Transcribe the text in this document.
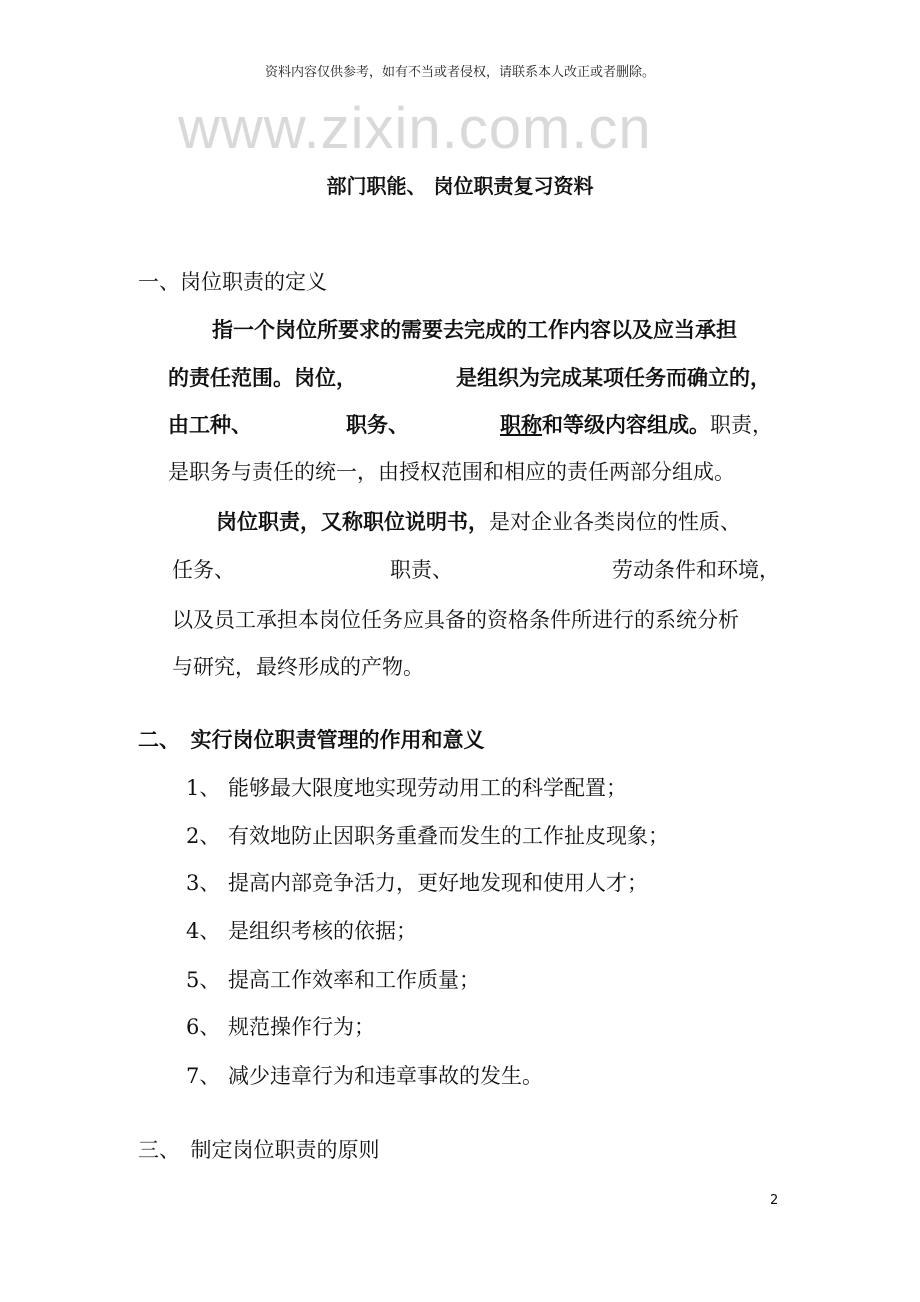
资料内容仅供参考，如有不当或者侵权，请联系本人改正或者删除。
www.zixin.com.cn
部门职能、 岗位职责复习资料
一、岗位职责的定义
指一个岗位所要求的需要去完成的工作内容以及应当承担
的责任范围。岗位，	是组织为完成某项任务而确立的，
由工种、	职务、	职称和等级内容组成。职责，
是职务与责任的统一，由授权范围和相应的责任两部分组成。
岗位职责，又称职位说明书，是对企业各类岗位的性质、
任务、	职责、	劳动条件和环境，
以及员工承担本岗位任务应具备的资格条件所进行的系统分析
与研究，最终形成的产物。
二、　实行岗位职责管理的作用和意义
1、 能够最大限度地实现劳动用工的科学配置；
2、 有效地防止因职务重叠而发生的工作扯皮现象；
3、 提高内部竞争活力，更好地发现和使用人才；
4、 是组织考核的依据；
5、 提高工作效率和工作质量；
6、 规范操作行为；
7、 减少违章行为和违章事故的发生。
三、　制定岗位职责的原则
2
